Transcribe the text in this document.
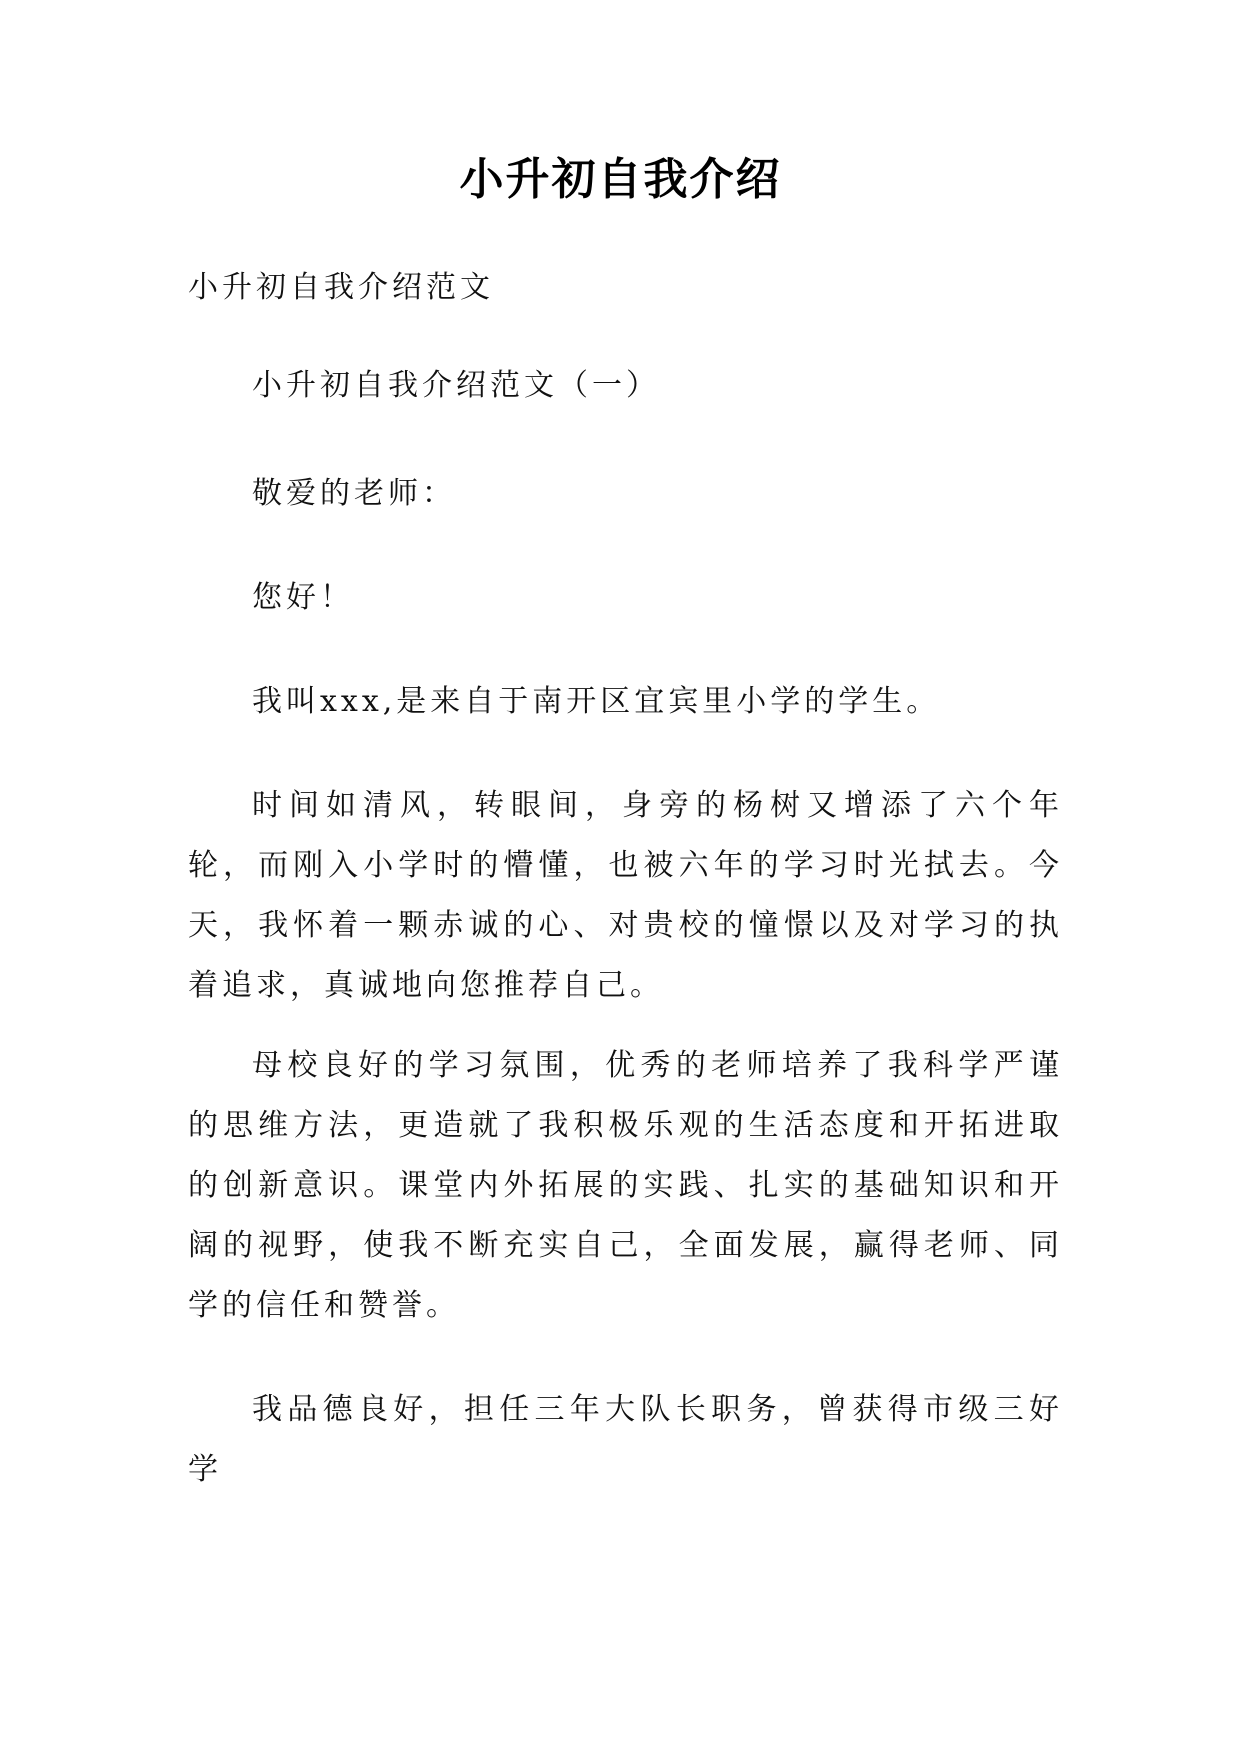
小升初自我介绍

小升初自我介绍范文

小升初自我介绍范文（一）

敬爱的老师：

您好！

我叫xxx,是来自于南开区宜宾里小学的学生。

时间如清风，转眼间，身旁的杨树又增添了六个年轮，而刚入小学时的懵懂，也被六年的学习时光拭去。今天，我怀着一颗赤诚的心、对贵校的憧憬以及对学习的执着追求，真诚地向您推荐自己。

母校良好的学习氛围，优秀的老师培养了我科学严谨的思维方法，更造就了我积极乐观的生活态度和开拓进取的创新意识。课堂内外拓展的实践、扎实的基础知识和开阔的视野，使我不断充实自己，全面发展，赢得老师、同学的信任和赞誉。

我品德良好，担任三年大队长职务，曾获得市级三好学
